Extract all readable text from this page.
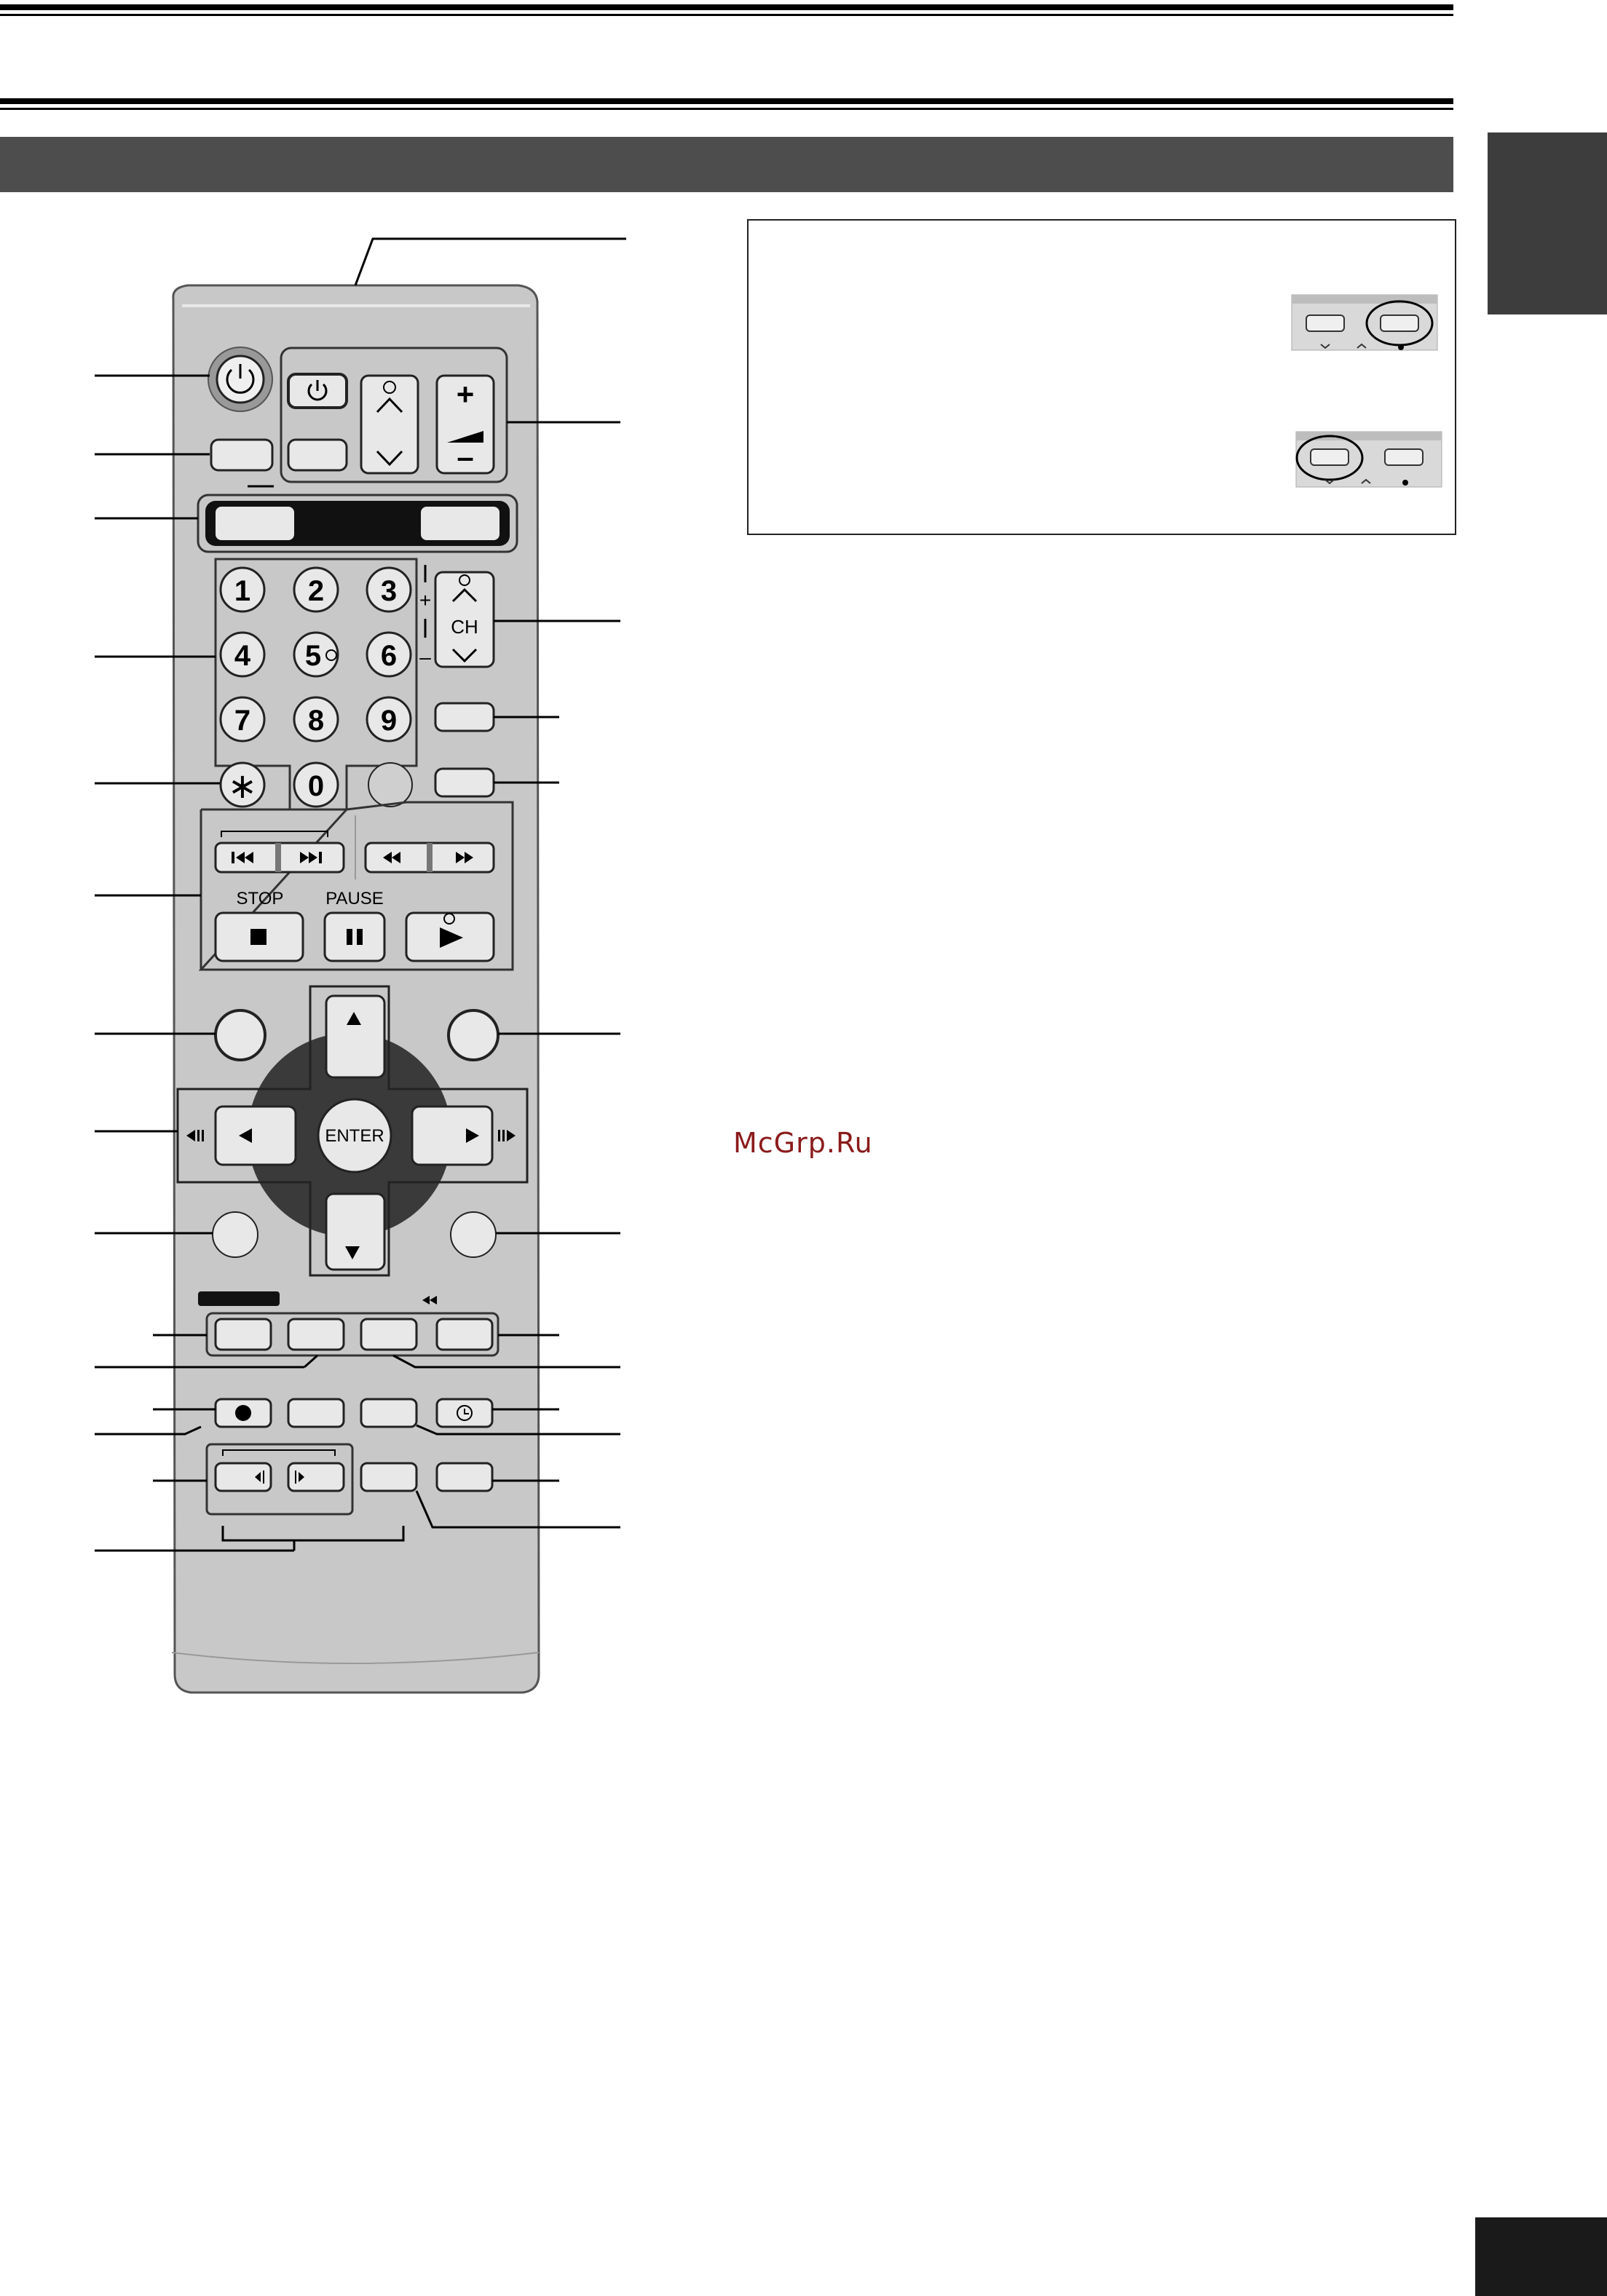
+
–
1 2 3
4 5 6
7 8 9
0
∗
+
–
CH
STOP PAUSE
ENTER	McGrp.Ru
